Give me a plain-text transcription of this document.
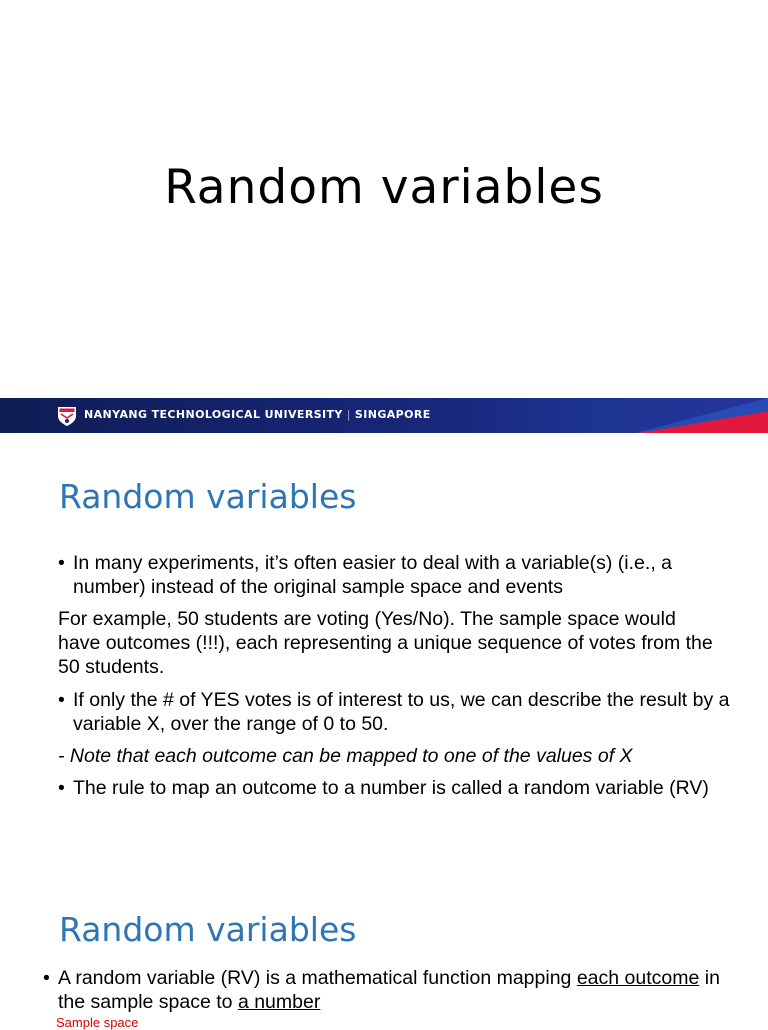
Random variables
NANYANG TECHNOLOGICAL UNIVERSITY | SINGAPORE
Random variables
• In many experiments, it’s often easier to deal with a variable(s) (i.e., a number) instead of the original sample space and events
For example, 50 students are voting (Yes/No). The sample space would have outcomes (!!!), each representing a unique sequence of votes from the 50 students.
• If only the # of YES votes is of interest to us, we can describe the result by a variable X, over the range of 0 to 50.
- Note that each outcome can be mapped to one of the values of X
• The rule to map an outcome to a number is called a random variable (RV)
Random variables
• A random variable (RV) is a mathematical function mapping each outcome in the sample space to a number
Sample space
